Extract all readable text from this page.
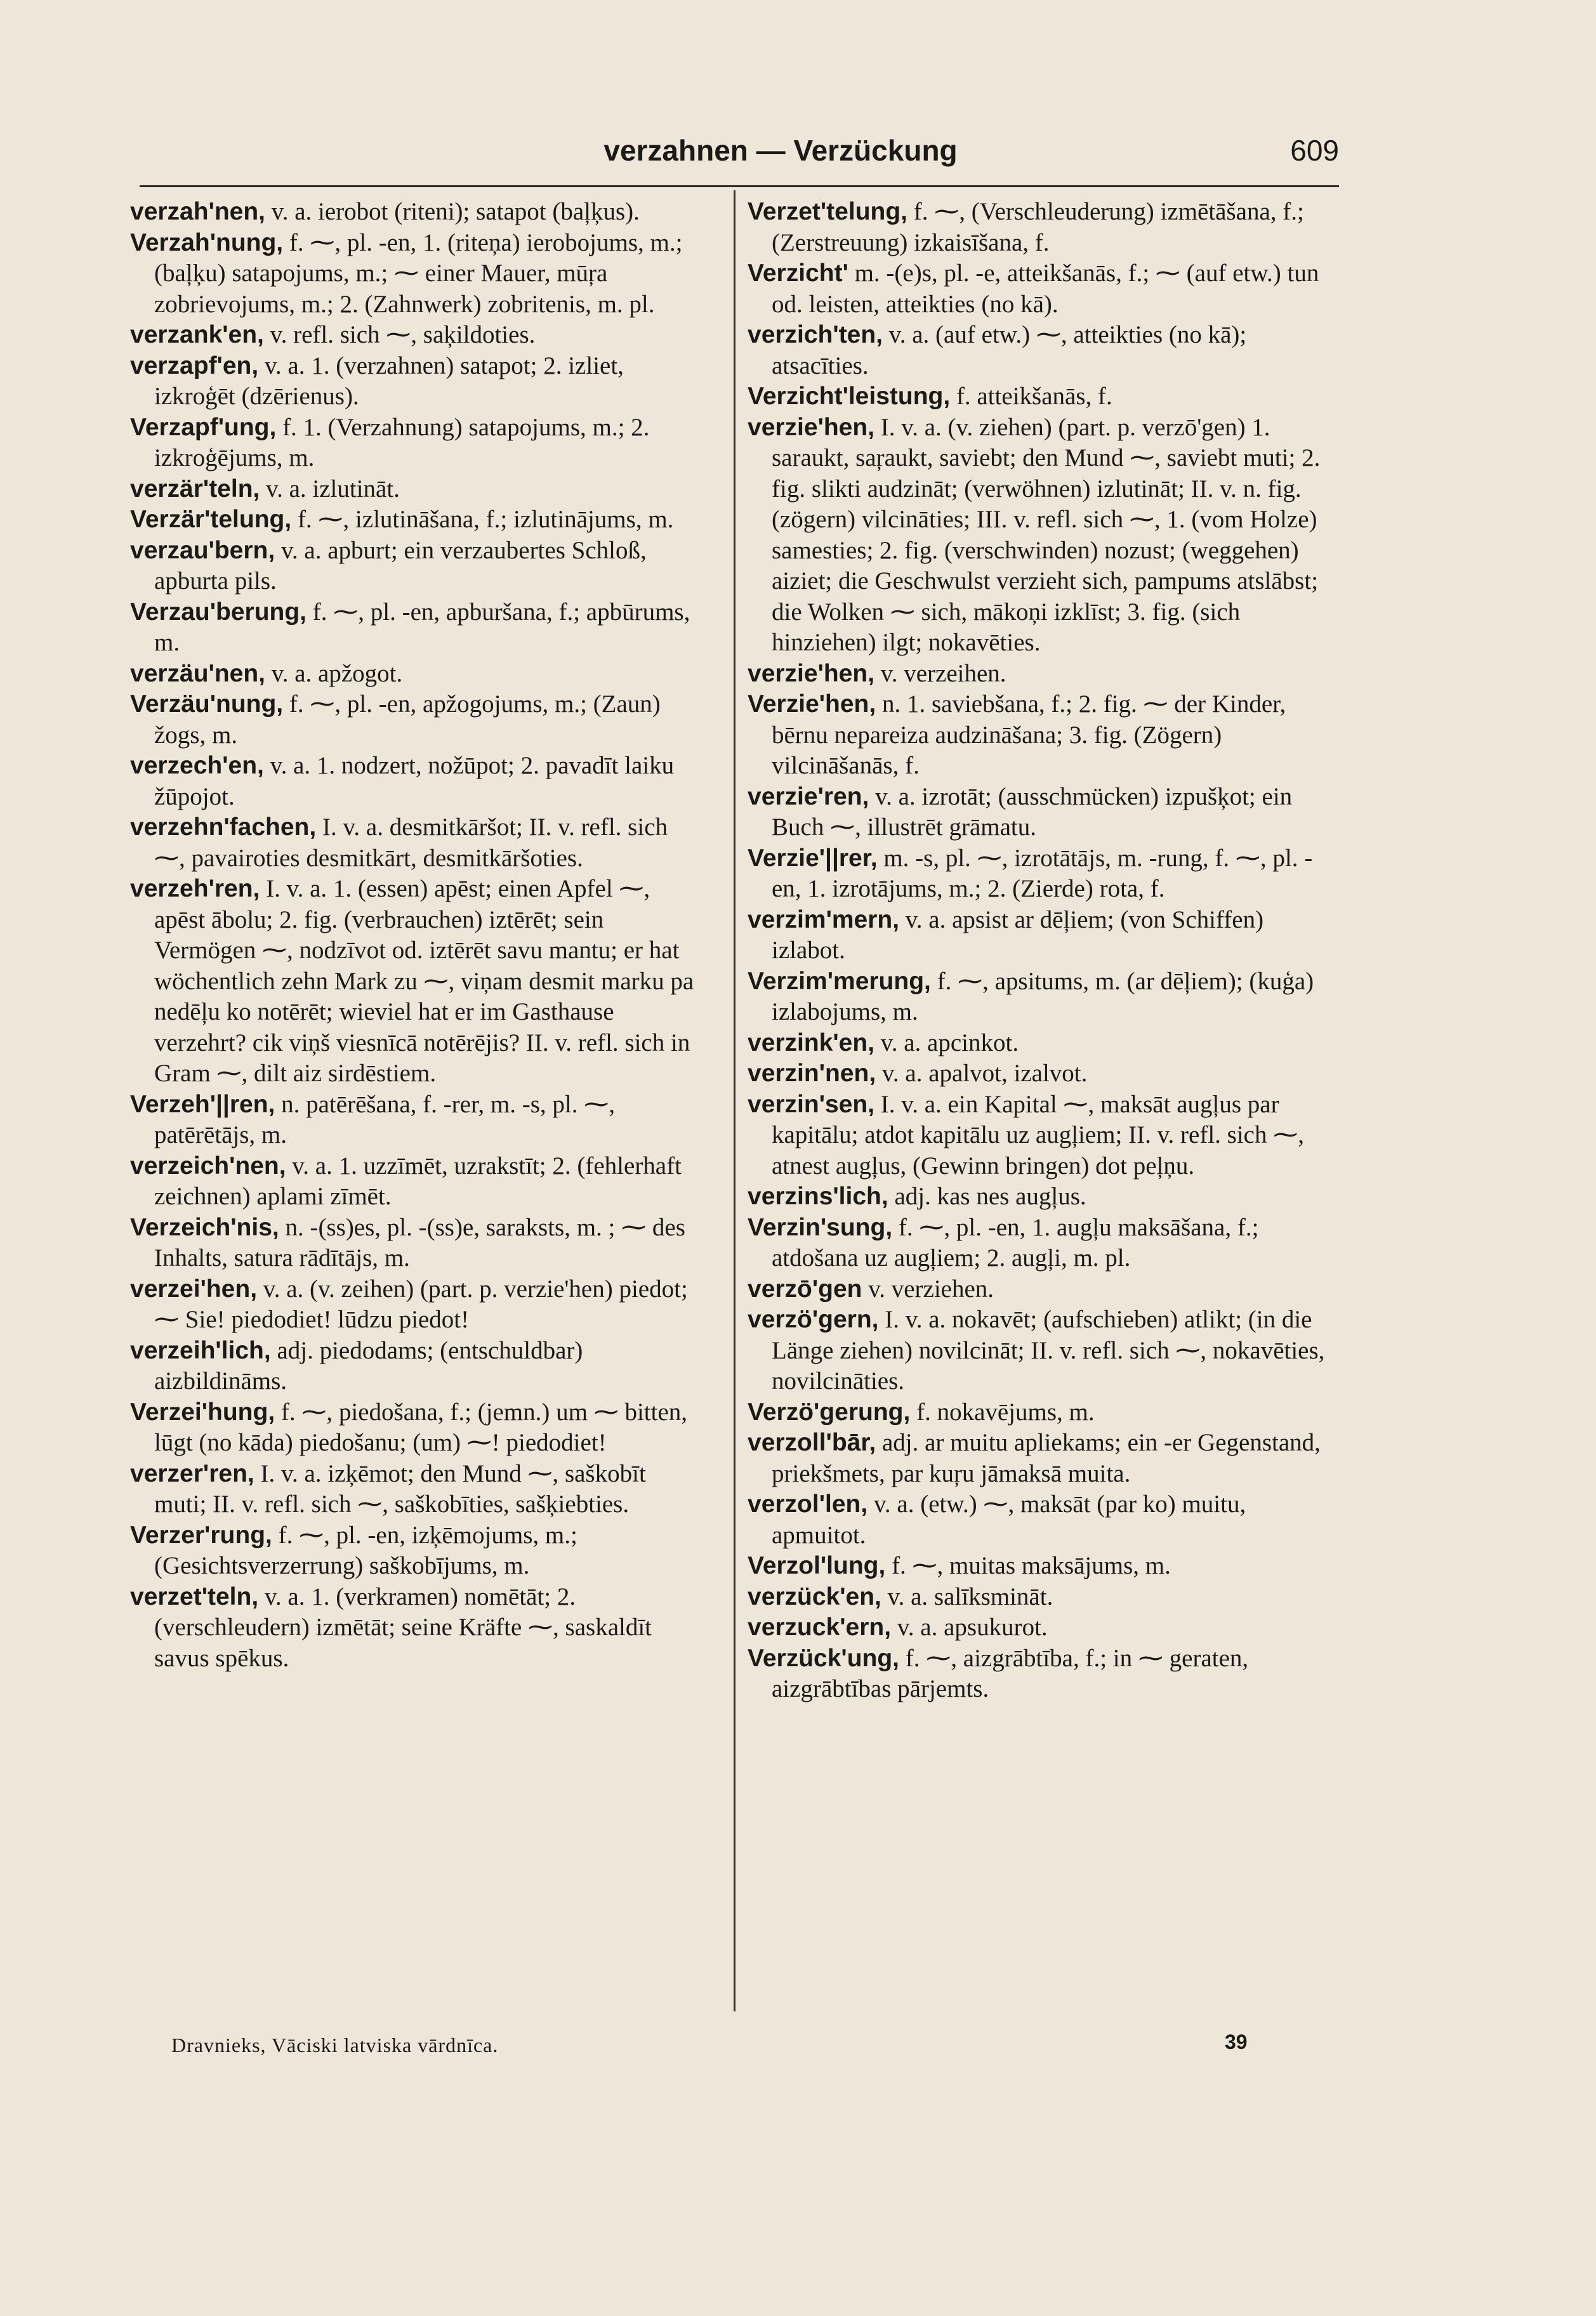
verzahnen — Verzückung	609

verzah'nen, v. a. ierobot (riteni); satapot (baļķus).

Verzah'nung, f. ⁓, pl. -en, 1. (riteņa) ierobojums, m.; (baļķu) satapojums, m.; ⁓ einer Mauer, mūŗa zobrievojums, m.; 2. (Zahnwerk) zobritenis, m. pl.

verzank'en, v. refl. sich ⁓, saķildoties.

verzapf'en, v. a. 1. (verzahnen) satapot; 2. izliet, izkroģēt (dzērienus).

Verzapf'ung, f. 1. (Verzahnung) satapojums, m.; 2. izkroģējums, m.

verzär'teln, v. a. izlutināt.

Verzär'telung, f. ⁓, izlutināšana, f.; izlutinājums, m.

verzau'bern, v. a. apburt; ein verzaubertes Schloß, apburta pils.

Verzau'berung, f. ⁓, pl. -en, apburšana, f.; apbūrums, m.

verzäu'nen, v. a. apžogot.

Verzäu'nung, f. ⁓, pl. -en, apžogojums, m.; (Zaun) žogs, m.

verzech'en, v. a. 1. nodzert, nožūpot; 2. pavadīt laiku žūpojot.

verzehn'fachen, I. v. a. desmitkāršot; II. v. refl. sich ⁓, pavairoties desmitkārt, desmitkāršoties.

verzeh'ren, I. v. a. 1. (essen) apēst; einen Apfel ⁓, apēst ābolu; 2. fig. (verbrauchen) iztērēt; sein Vermögen ⁓, nodzīvot od. iztērēt savu mantu; er hat wöchentlich zehn Mark zu ⁓, viņam desmit marku pa nedēļu ko notērēt; wieviel hat er im Gasthause verzehrt? cik viņš viesnīcā notērējis? II. v. refl. sich in Gram ⁓, dilt aiz sirdēstiem.

Verzeh'||ren, n. patērēšana, f. -rer, m. -s, pl. ⁓, patērētājs, m.

verzeich'nen, v. a. 1. uzzīmēt, uzrakstīt; 2. (fehlerhaft zeichnen) aplami zīmēt.

Verzeich'nis, n. -(ss)es, pl. -(ss)e, saraksts, m. ; ⁓ des Inhalts, satura rādītājs, m.

verzei'hen, v. a. (v. zeihen) (part. p. verzie'hen) piedot; ⁓ Sie! piedodiet! lūdzu piedot!

verzeih'lich, adj. piedodams; (entschuldbar) aizbildināms.

Verzei'hung, f. ⁓, piedošana, f.; (jemn.) um ⁓ bitten, lūgt (no kāda) piedošanu; (um) ⁓! piedodiet!

verzer'ren, I. v. a. izķēmot; den Mund ⁓, saškobīt muti; II. v. refl. sich ⁓, saškobīties, sašķiebties.

Verzer'rung, f. ⁓, pl. -en, izķēmojums, m.; (Gesichtsverzerrung) saškobījums, m.

verzet'teln, v. a. 1. (verkramen) nomētāt; 2. (verschleudern) izmētāt; seine Kräfte ⁓, saskaldīt savus spēkus.

Verzet'telung, f. ⁓, (Verschleuderung) izmētāšana, f.; (Zerstreuung) izkaisīšana, f.

Verzicht' m. -(e)s, pl. -e, atteikšanās, f.; ⁓ (auf etw.) tun od. leisten, atteikties (no kā).

verzich'ten, v. a. (auf etw.) ⁓, atteikties (no kā); atsacīties.

Verzicht'leistung, f. atteikšanās, f.

verzie'hen, I. v. a. (v. ziehen) (part. p. verzō'gen) 1. saraukt, saŗaukt, saviebt; den Mund ⁓, saviebt muti; 2. fig. slikti audzināt; (verwöhnen) izlutināt; II. v. n. fig. (zögern) vilcināties; III. v. refl. sich ⁓, 1. (vom Holze) samesties; 2. fig. (verschwinden) nozust; (weggehen) aiziet; die Geschwulst verzieht sich, pampums atslābst; die Wolken ⁓ sich, mākoņi izklīst; 3. fig. (sich hinziehen) ilgt; nokavēties.

verzie'hen, v. verzeihen.

Verzie'hen, n. 1. saviebšana, f.; 2. fig. ⁓ der Kinder, bērnu nepareiza audzināšana; 3. fig. (Zögern) vilcināšanās, f.

verzie'ren, v. a. izrotāt; (ausschmücken) izpušķot; ein Buch ⁓, illustrēt grāmatu.

Verzie'||rer, m. -s, pl. ⁓, izrotātājs, m. -rung, f. ⁓, pl. -en, 1. izrotājums, m.; 2. (Zierde) rota, f.

verzim'mern, v. a. apsist ar dēļiem; (von Schiffen) izlabot.

Verzim'merung, f. ⁓, apsitums, m. (ar dēļiem); (kuģa) izlabojums, m.

verzink'en, v. a. apcinkot.

verzin'nen, v. a. apalvot, izalvot.

verzin'sen, I. v. a. ein Kapital ⁓, maksāt augļus par kapitālu; atdot kapitālu uz augļiem; II. v. refl. sich ⁓, atnest augļus, (Gewinn bringen) dot peļņu.

verzins'lich, adj. kas nes augļus.

Verzin'sung, f. ⁓, pl. -en, 1. augļu maksāšana, f.; atdošana uz augļiem; 2. augļi, m. pl.

verzō'gen v. verziehen.

verzö'gern, I. v. a. nokavēt; (aufschieben) atlikt; (in die Länge ziehen) novilcināt; II. v. refl. sich ⁓, nokavēties, novilcināties.

Verzö'gerung, f. nokavējums, m.

verzoll'bār, adj. ar muitu apliekams; ein -er Gegenstand, priekšmets, par kuŗu jāmaksā muita.

verzol'len, v. a. (etw.) ⁓, maksāt (par ko) muitu, apmuitot.

Verzol'lung, f. ⁓, muitas maksājums, m.

verzück'en, v. a. salīksmināt.

verzuck'ern, v. a. apsukurot.

Verzück'ung, f. ⁓, aizgrābtība, f.; in ⁓ geraten, aizgrābtības pārjemts.

Dravnieks, Vāciski latviska vārdnīca.	39
